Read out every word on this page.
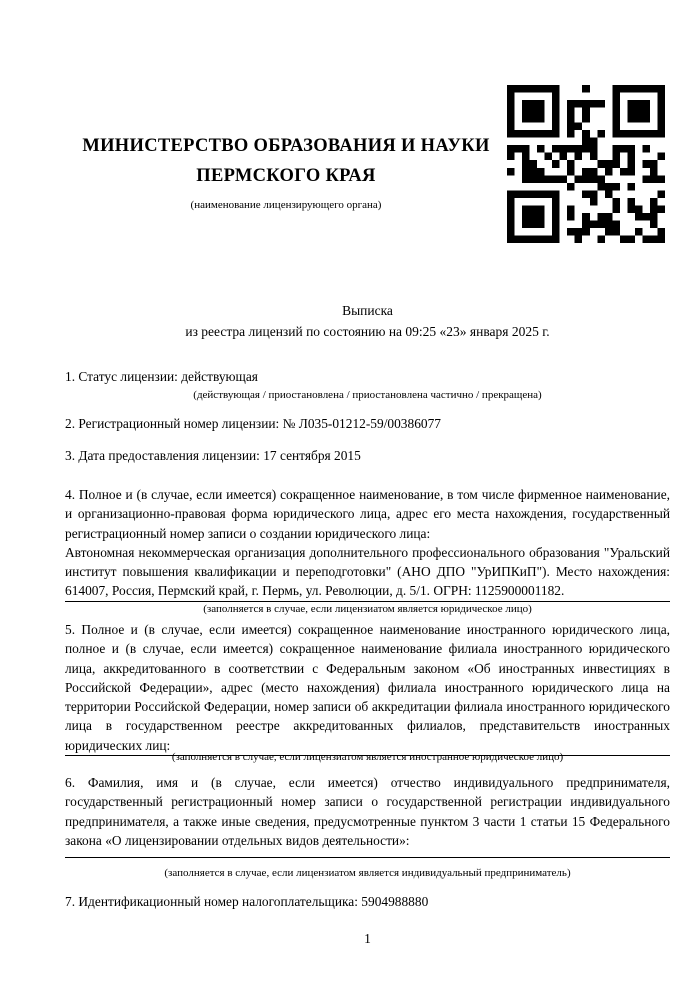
МИНИСТЕРСТВО ОБРАЗОВАНИЯ И НАУКИ
ПЕРМСКОГО КРАЯ
(наименование лицензирующего органа)
Выписка
из реестра лицензий по состоянию на 09:25 «23» января 2025 г.
1. Статус лицензии: действующая
(действующая / приостановлена / приостановлена частично / прекращена)
2. Регистрационный номер лицензии: № Л035-01212-59/00386077
3. Дата предоставления лицензии: 17 сентября 2015

4. Полное и (в случае, если имеется) сокращенное наименование, в том числе фирменное наименование, и организационно-правовая форма юридического лица, адрес его места нахождения, государственный регистрационный номер записи о создании юридического лица:

Автономная некоммерческая организация дополнительного профессионального образования "Уральский институт повышения квалификации и переподготовки" (АНО ДПО "УрИПКиП"). Место нахождения: 614007, Россия, Пермский край, г. Пермь, ул. Революции, д. 5/1. ОГРН: 1125900001182.

(заполняется в случае, если лицензиатом является юридическое лицо)

5. Полное и (в случае, если имеется) сокращенное наименование иностранного юридического лица, полное и (в случае, если имеется) сокращенное наименование филиала иностранного юридического лица, аккредитованного в соответствии с Федеральным законом «Об иностранных инвестициях в Российской Федерации», адрес (место нахождения) филиала иностранного юридического лица на территории Российской Федерации, номер записи об аккредитации филиала иностранного юридического лица в государственном реестре аккредитованных филиалов, представительств иностранных юридических лиц:

(заполняется в случае, если лицензиатом является иностранное юридическое лицо)

6. Фамилия, имя и (в случае, если имеется) отчество индивидуального предпринимателя, государственный регистрационный номер записи о государственной регистрации индивидуального предпринимателя, а также иные сведения, предусмотренные пунктом 3 части 1 статьи 15 Федерального закона «О лицензировании отдельных видов деятельности»:

(заполняется в случае, если лицензиатом является индивидуальный предприниматель)
7. Идентификационный номер налогоплательщика: 5904988880
1
